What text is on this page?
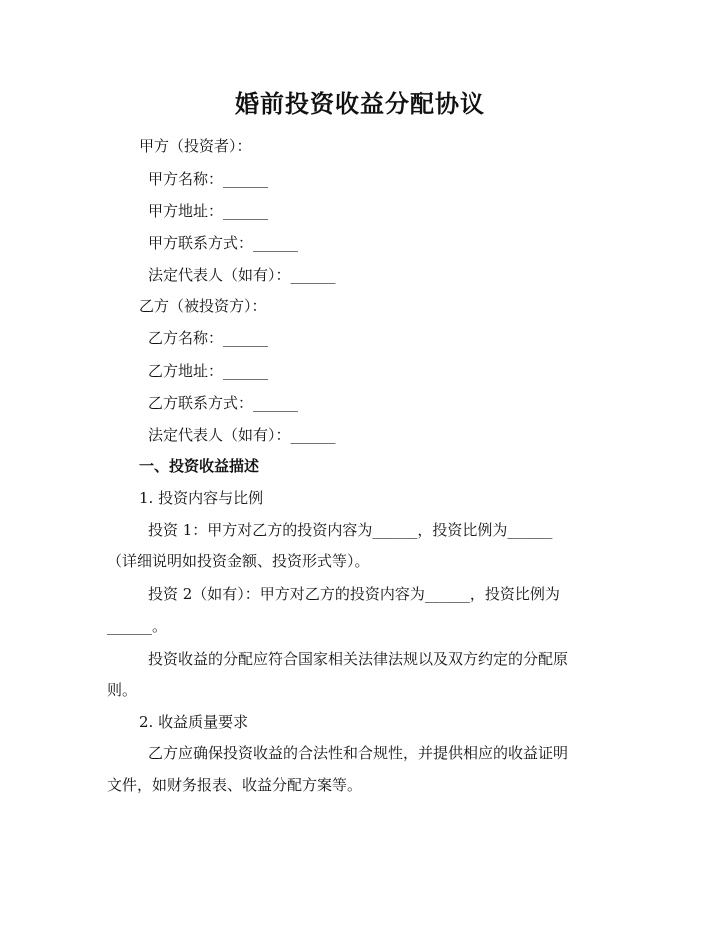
婚前投资收益分配协议

甲方（投资者）：

甲方名称：______

甲方地址：______

甲方联系方式：______

法定代表人（如有）：______

乙方（被投资方）：

乙方名称：______

乙方地址：______

乙方联系方式：______

法定代表人（如有）：______

一、投资收益描述

1. 投资内容与比例

投资 1：甲方对乙方的投资内容为______，投资比例为______

（详细说明如投资金额、投资形式等）。

投资 2（如有）：甲方对乙方的投资内容为______，投资比例为

______。

投资收益的分配应符合国家相关法律法规以及双方约定的分配原

则。

2. 收益质量要求

乙方应确保投资收益的合法性和合规性，并提供相应的收益证明

文件，如财务报表、收益分配方案等。
